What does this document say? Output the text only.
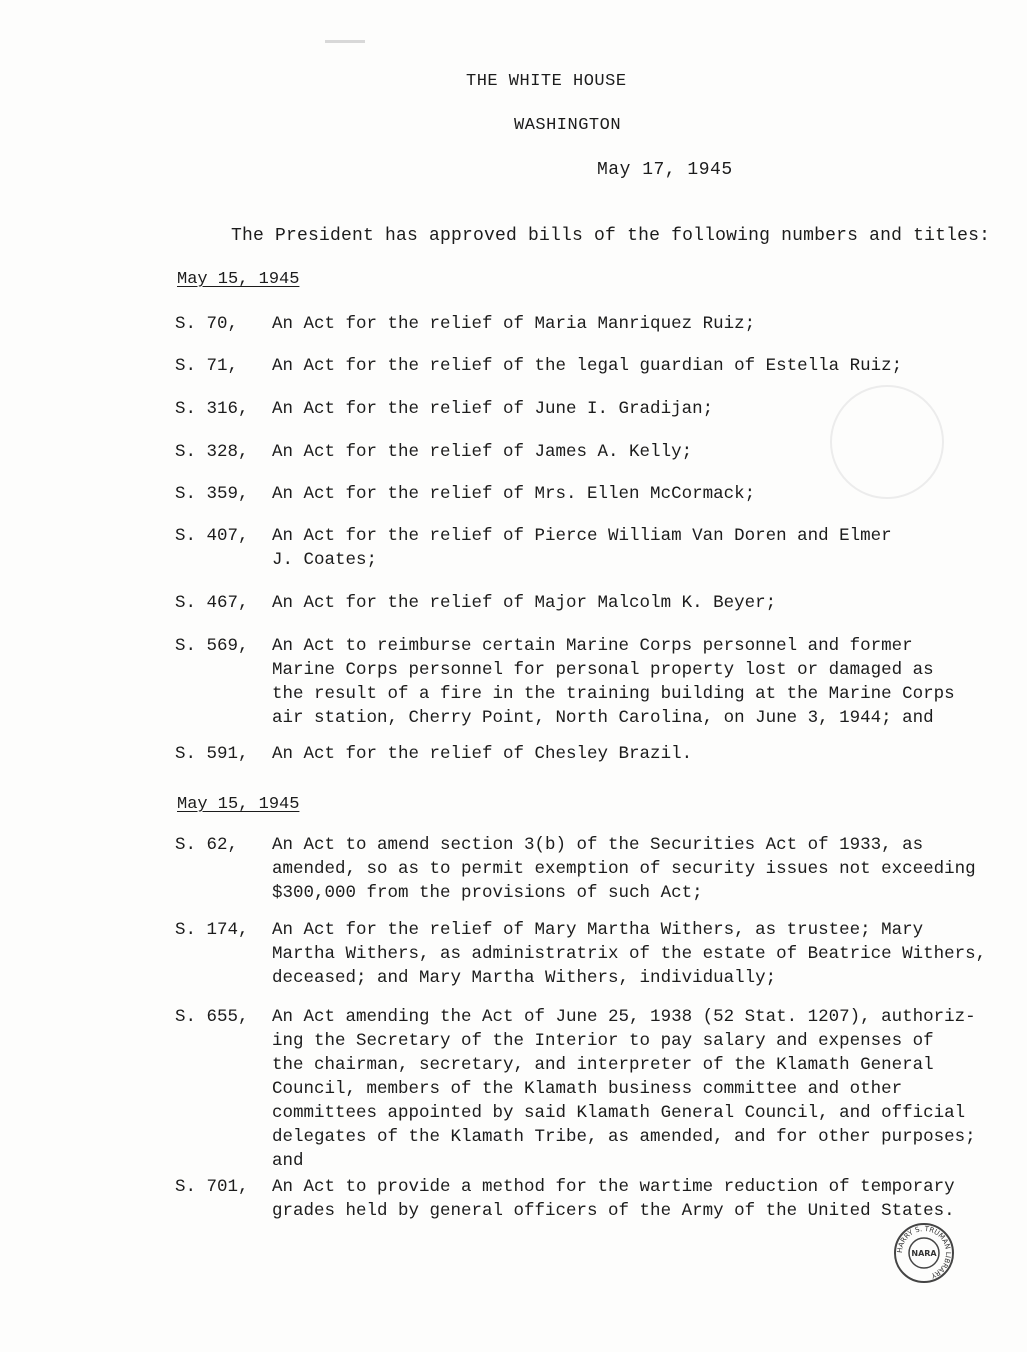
THE WHITE HOUSE
WASHINGTON
May 17, 1945
The President has approved bills of the following numbers and titles:
May 15, 1945
S. 70,	An Act for the relief of Maria Manriquez Ruiz;
S. 71,	An Act for the relief of the legal guardian of Estella Ruiz;
S. 316,	An Act for the relief of June I. Gradijan;
S. 328,	An Act for the relief of James A. Kelly;
S. 359,	An Act for the relief of Mrs. Ellen McCormack;
S. 407,	An Act for the relief of Pierce William Van Doren and Elmer
J. Coates;
S. 467,	An Act for the relief of Major Malcolm K. Beyer;
S. 569,	An Act to reimburse certain Marine Corps personnel and former
Marine Corps personnel for personal property lost or damaged as
the result of a fire in the training building at the Marine Corps
air station, Cherry Point, North Carolina, on June 3, 1944; and
S. 591,	An Act for the relief of Chesley Brazil.
May 15, 1945
S. 62,	An Act to amend section 3(b) of the Securities Act of 1933, as
amended, so as to permit exemption of security issues not exceeding
$300,000 from the provisions of such Act;
S. 174,	An Act for the relief of Mary Martha Withers, as trustee; Mary
Martha Withers, as administratrix of the estate of Beatrice Withers,
deceased; and Mary Martha Withers, individually;
S. 655,	An Act amending the Act of June 25, 1938 (52 Stat. 1207), authoriz-
ing the Secretary of the Interior to pay salary and expenses of
the chairman, secretary, and interpreter of the Klamath General
Council, members of the Klamath business committee and other
committees appointed by said Klamath General Council, and official
delegates of the Klamath Tribe, as amended, and for other purposes;
and
S. 701,	An Act to provide a method for the wartime reduction of temporary
grades held by general officers of the Army of the United States.
HARRY S. TRUMAN LIBRARY
NARA
